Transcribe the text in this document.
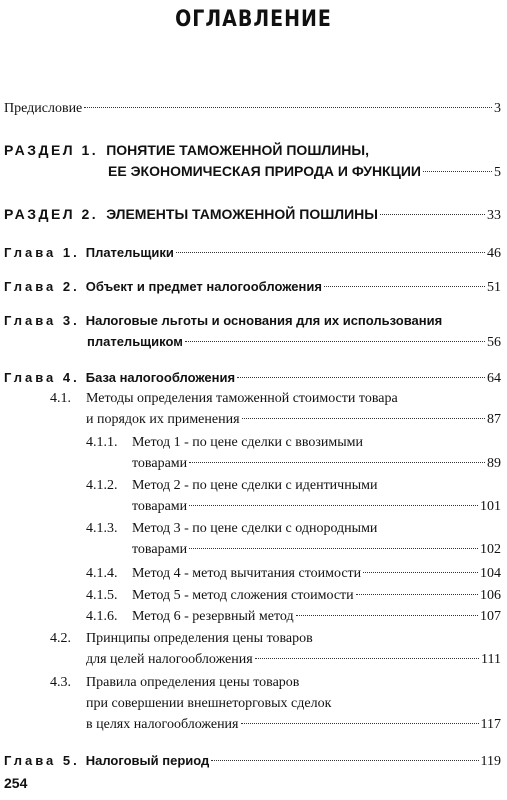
ОГЛАВЛЕНИЕ
Предисловие	3
РАЗДЕЛ 1. ПОНЯТИЕ ТАМОЖЕННОЙ ПОШЛИНЫ,
ЕЕ ЭКОНОМИЧЕСКАЯ ПРИРОДА И ФУНКЦИИ	5
РАЗДЕЛ 2. ЭЛЕМЕНТЫ ТАМОЖЕННОЙ ПОШЛИНЫ	33
Глава 1. Плательщики	46
Глава 2. Объект и предмет налогообложения	51
Глава 3. Налоговые льготы и основания для их использования
плательщиком	56
Глава 4. База налогообложения	64
4.1.	Методы определения таможенной стоимости товара
и порядок их применения	87
4.1.1.	Метод 1 - по цене сделки с ввозимыми
товарами	89
4.1.2.	Метод 2 - по цене сделки с идентичными
товарами	101
4.1.3.	Метод 3 - по цене сделки с однородными
товарами	102
4.1.4.	Метод 4 - метод вычитания стоимости	104
4.1.5.	Метод 5 - метод сложения стоимости	106
4.1.6.	Метод 6 - резервный метод	107
4.2.	Принципы определения цены товаров
для целей налогообложения	111
4.3.	Правила определения цены товаров
при совершении внешнеторговых сделок
в целях налогообложения	117
Глава 5. Налоговый период	119
254
